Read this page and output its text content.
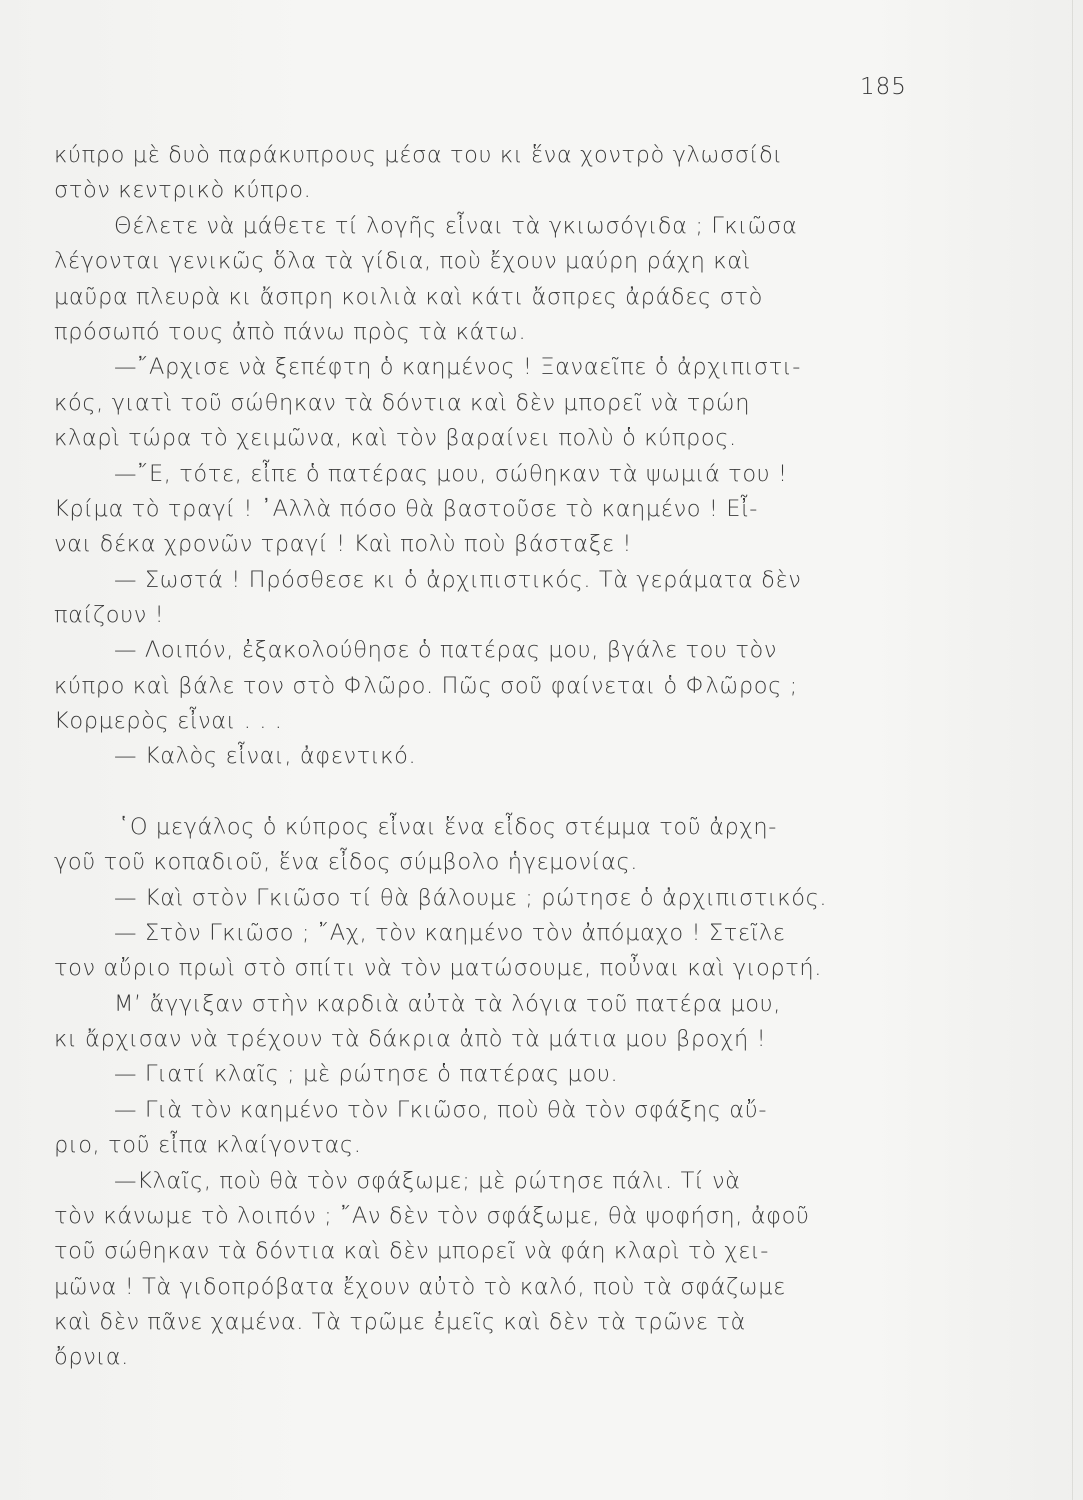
185
κύπρο μὲ δυὸ παράκυπρους μέσα του κι ἕνα χοντρὸ γλωσσίδι
στὸν κεντρικὸ κύπρο.
Θέλετε νὰ μάθετε τί λογῆς εἶναι τὰ γκιωσόγιδα ; Γκιῶσα
λέγονται γενικῶς ὅλα τὰ γίδια, ποὺ ἔχουν μαύρη ράχη καὶ
μαῦρα πλευρὰ κι ἄσπρη κοιλιὰ καὶ κάτι ἄσπρες ἀράδες στὸ
πρόσωπό τους ἀπὸ πάνω πρὸς τὰ κάτω.
—῎Αρχισε νὰ ξεπέφτη ὁ καημένος ! Ξαναεῖπε ὁ ἀρχιπιστι-
κός, γιατὶ τοῦ σώθηκαν τὰ δόντια καὶ δὲν μπορεῖ νὰ τρώη
κλαρὶ τώρα τὸ χειμῶνα, καὶ τὸν βαραίνει πολὺ ὁ κύπρος.
—῎Ε, τότε, εἶπε ὁ πατέρας μου, σώθηκαν τὰ ψωμιά του !
Κρίμα τὸ τραγί ! ᾿Αλλὰ πόσο θὰ βαστοῦσε τὸ καημένο ! Εἶ-
ναι δέκα χρονῶν τραγί ! Καὶ πολὺ ποὺ βάσταξε !
— Σωστά ! Πρόσθεσε κι ὁ ἀρχιπιστικός. Τὰ γεράματα δὲν
παίζουν !
— Λοιπόν, ἐξακολούθησε ὁ πατέρας μου, βγάλε του τὸν
κύπρο καὶ βάλε τον στὸ Φλῶρο. Πῶς σοῦ φαίνεται ὁ Φλῶρος ;
Κορμερὸς εἶναι . . .
— Καλὸς εἶναι, ἀφεντικό.
῾Ο μεγάλος ὁ κύπρος εἶναι ἕνα εἶδος στέμμα τοῦ ἀρχη-
γοῦ τοῦ κοπαδιοῦ, ἕνα εἶδος σύμβολο ἡγεμονίας.
— Καὶ στὸν Γκιῶσο τί θὰ βάλουμε ; ρώτησε ὁ ἀρχιπιστικός.
— Στὸν Γκιῶσο ; ῎Αχ, τὸν καημένο τὸν ἀπόμαχο ! Στεῖλε
τον αὔριο πρωὶ στὸ σπίτι νὰ τὸν ματώσουμε, ποὖναι καὶ γιορτή.
Μ’ ἄγγιξαν στὴν καρδιὰ αὐτὰ τὰ λόγια τοῦ πατέρα μου,
κι ἄρχισαν νὰ τρέχουν τὰ δάκρια ἀπὸ τὰ μάτια μου βροχή !
— Γιατί κλαῖς ; μὲ ρώτησε ὁ πατέρας μου.
— Γιὰ τὸν καημένο τὸν Γκιῶσο, ποὺ θὰ τὸν σφάξης αὔ-
ριο, τοῦ εἶπα κλαίγοντας.
—Κλαῖς, ποὺ θὰ τὸν σφάξωμε; μὲ ρώτησε πάλι. Τί νὰ
τὸν κάνωμε τὸ λοιπόν ; ῎Αν δὲν τὸν σφάξωμε, θὰ ψοφήση, ἀφοῦ
τοῦ σώθηκαν τὰ δόντια καὶ δὲν μπορεῖ νὰ φάη κλαρὶ τὸ χει-
μῶνα ! Τὰ γιδοπρόβατα ἔχουν αὐτὸ τὸ καλό, ποὺ τὰ σφάζωμε
καὶ δὲν πᾶνε χαμένα. Τὰ τρῶμε ἐμεῖς καὶ δὲν τὰ τρῶνε τὰ
ὄρνια.
